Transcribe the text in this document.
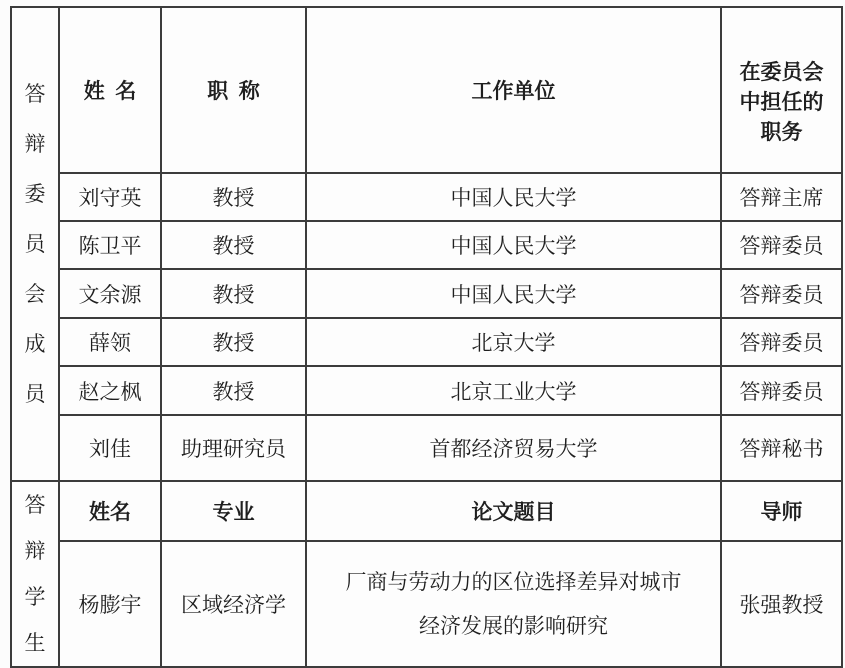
答辩委员会成员	姓  名	职  称	工作单位	在委员会中担任的职务

	刘守英	教授	中国人民大学	答辩主席
	陈卫平	教授	中国人民大学	答辩委员
	文余源	教授	中国人民大学	答辩委员
	薛领	教授	北京大学	答辩委员
	赵之枫	教授	北京工业大学	答辩委员
	刘佳	助理研究员	首都经济贸易大学	答辩秘书

答辩学生	姓名	专业	论文题目	导师
	杨膨宇	区域经济学	厂商与劳动力的区位选择差异对城市经济发展的影响研究	张强教授
